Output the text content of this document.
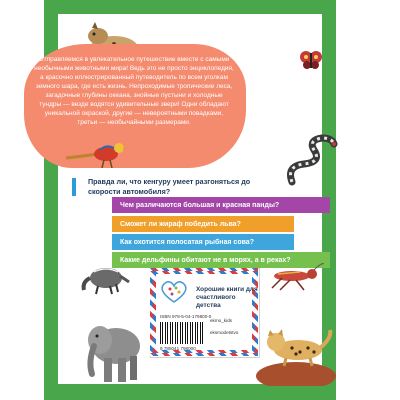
Отправляемся в увлекательное путешествие вместе с самыми необычными животными мира! Ведь это не просто энциклопедия, а красочно иллюстрированный путеводитель по всем уголкам земного шара, где есть жизнь. Непроходимые тропические леса, загадочные глубины океана, знойные пустыни и холодные тундры — везде водятся удивительные звери! Одни обладают уникальной окраской, другие — невероятными повадками, третьи — необычайными размерами.
Правда ли, что кенгуру умеет разгоняться до скорости автомобиля?
Чем различаются большая и красная панды?
Сможет ли жираф победить льва?
Как охотится полосатая рыбная сова?
Какие дельфины обитают не в морях, а в реках?
Хорошие книги для счастливого детства
ekmo_kids
eksmodetstvo
ISBN 978-5-04-179800-0
9 785041 798000
